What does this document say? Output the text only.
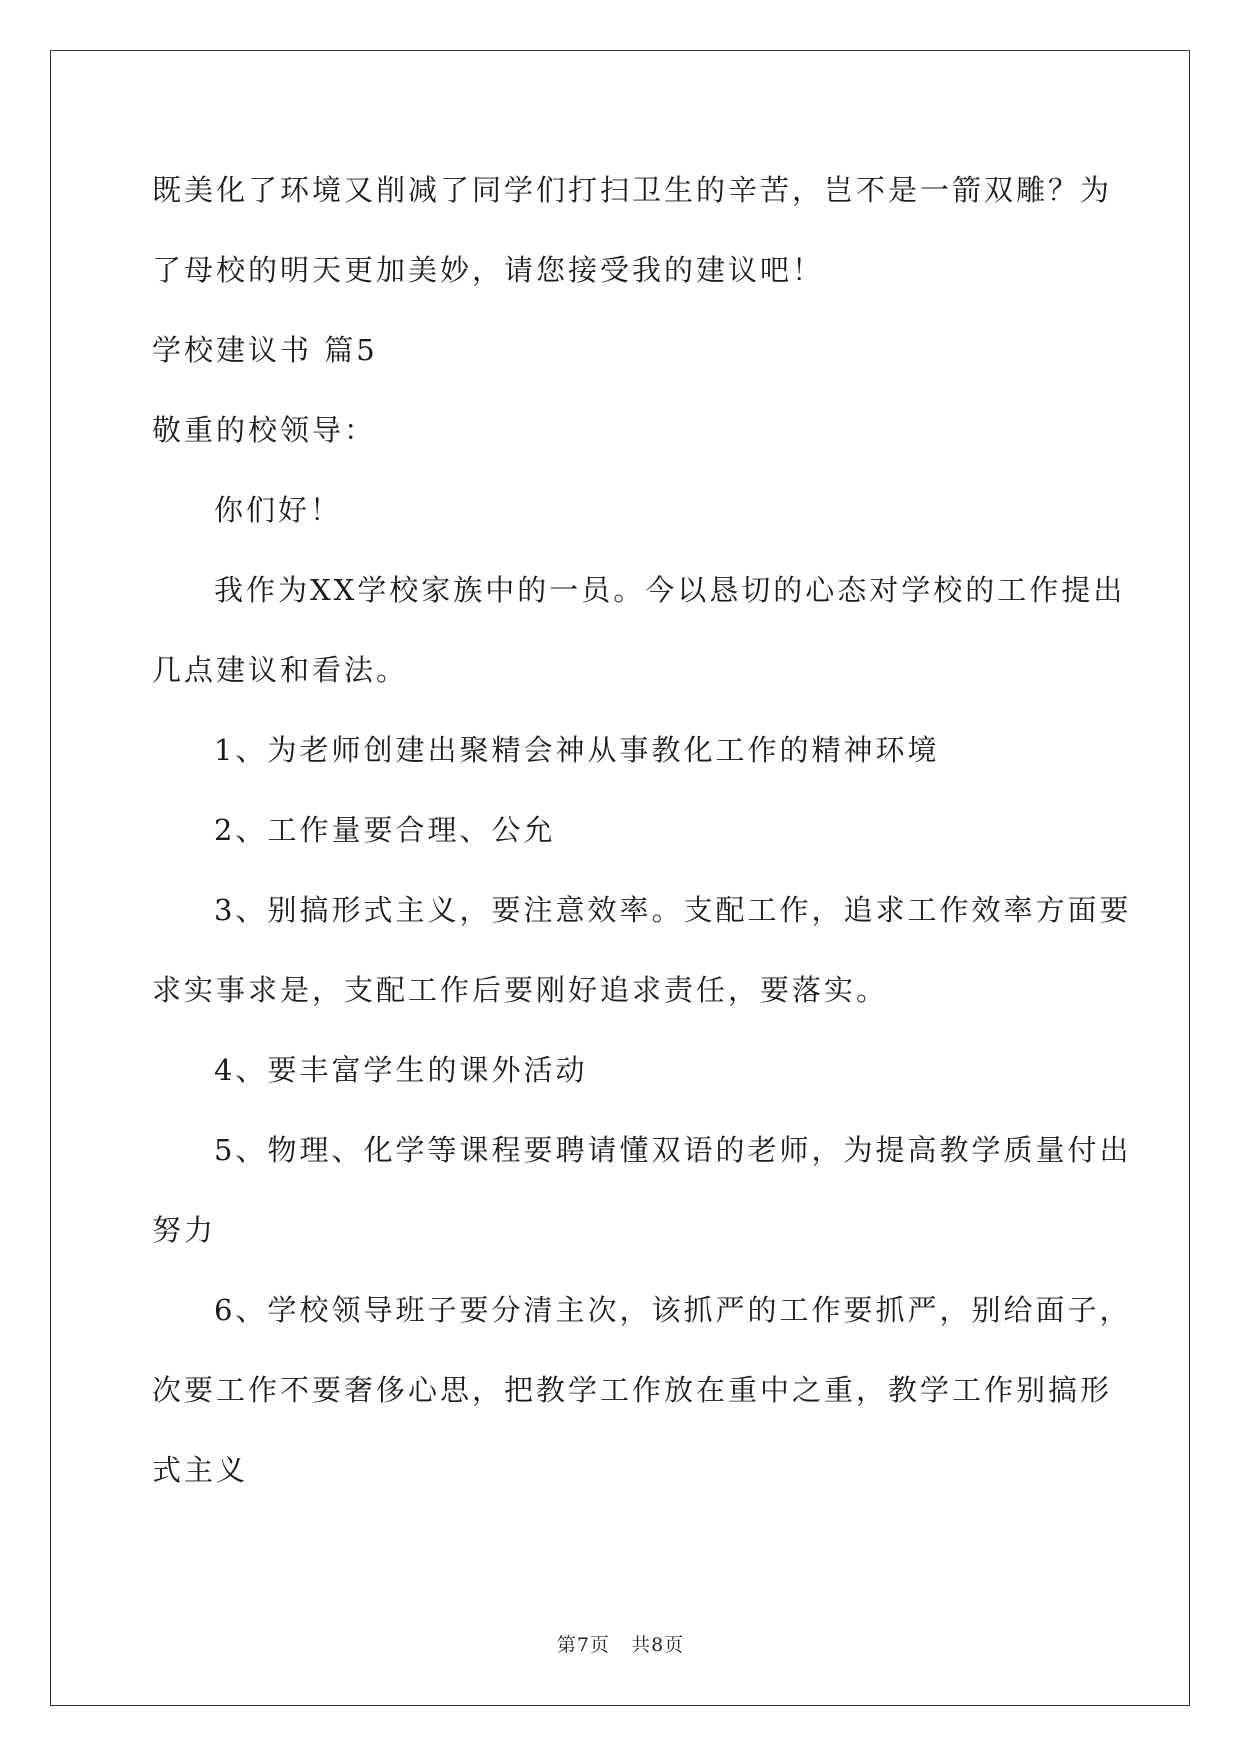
既美化了环境又削减了同学们打扫卫生的辛苦，岂不是一箭双雕？为
了母校的明天更加美妙，请您接受我的建议吧！
学校建议书 篇5
敬重的校领导：
你们好！
我作为XX学校家族中的一员。今以恳切的心态对学校的工作提出
几点建议和看法。
1、为老师创建出聚精会神从事教化工作的精神环境
2、工作量要合理、公允
3、别搞形式主义，要注意效率。支配工作，追求工作效率方面要
求实事求是，支配工作后要刚好追求责任，要落实。
4、要丰富学生的课外活动
5、物理、化学等课程要聘请懂双语的老师，为提高教学质量付出
努力
6、学校领导班子要分清主次，该抓严的工作要抓严，别给面子，
次要工作不要奢侈心思，把教学工作放在重中之重，教学工作别搞形
式主义
第7页 共8页
